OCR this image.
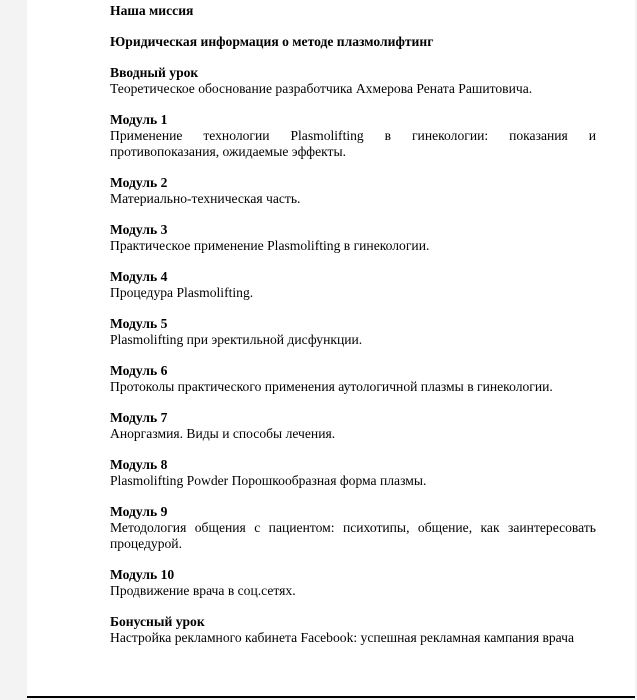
Наша миссия

Юридическая информация о методе плазмолифтинг

Вводный урок

Теоретическое обоснование разработчика Ахмерова Рената Рашитовича.

Модуль 1

Применение технологии Plasmolifting в гинекологии: показания и противопоказания, ожидаемые эффекты.

Модуль 2

Материально-техническая часть.

Модуль 3

Практическое применение Plasmolifting в гинекологии.

Модуль 4

Процедура Plasmolifting.

Модуль 5

Plasmolifting при эректильной дисфункции.

Модуль 6

Протоколы практического применения аутологичной плазмы в гинекологии.

Модуль 7

Аноргазмия. Виды и способы лечения.

Модуль 8

Plasmolifting Powder Порошкообразная форма плазмы.

Модуль 9

Методология общения с пациентом: психотипы, общение, как заинтересовать процедурой.

Модуль 10

Продвижение врача в соц.сетях.

Бонусный урок

Настройка рекламного кабинета Facebook: успешная рекламная кампания врача
